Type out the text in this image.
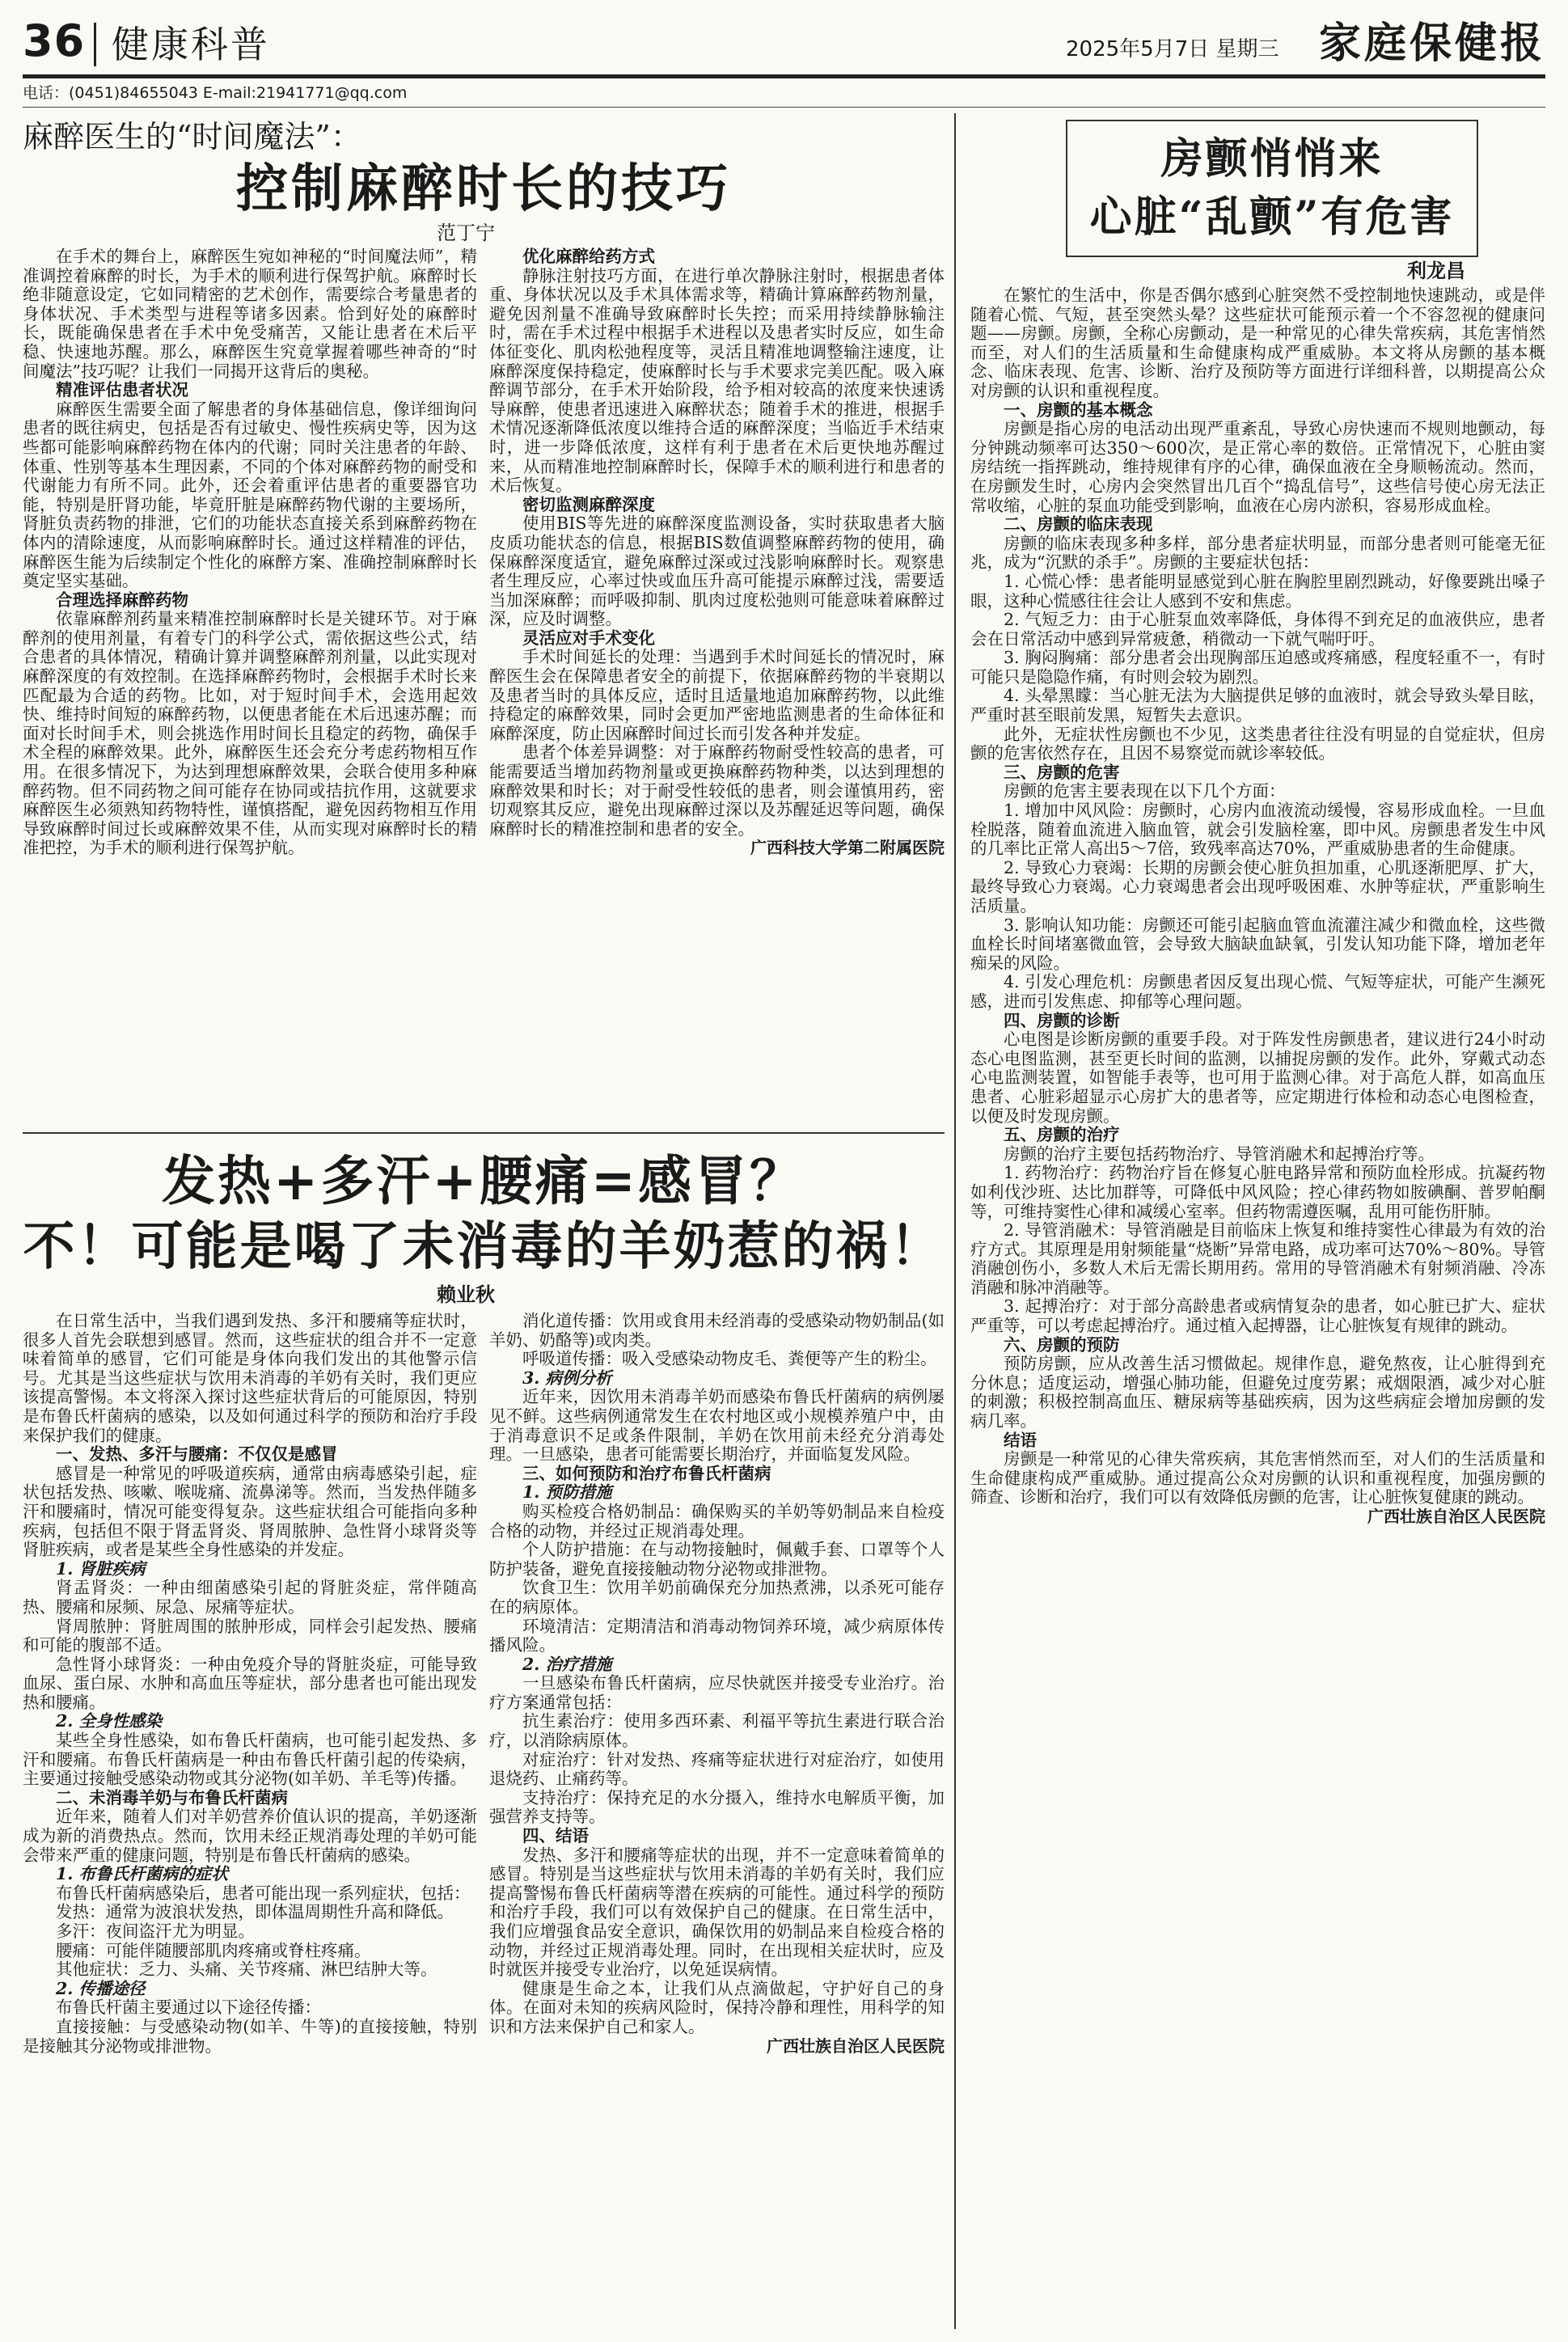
36 健康科普	2025年5月7日 星期三 家庭保健报
电话：(0451)84655043 E-mail:21941771@qq.com
麻醉医生的“时间魔法”：
控制麻醉时长的技巧
范丁宁

在手术的舞台上，麻醉医生宛如神秘的“时间魔法师”，精准调控着麻醉的时长，为手术的顺利进行保驾护航。麻醉时长绝非随意设定，它如同精密的艺术创作，需要综合考量患者的身体状况、手术类型与进程等诸多因素。恰到好处的麻醉时长，既能确保患者在手术中免受痛苦，又能让患者在术后平稳、快速地苏醒。那么，麻醉医生究竟掌握着哪些神奇的“时间魔法”技巧呢？让我们一同揭开这背后的奥秘。

精准评估患者状况

麻醉医生需要全面了解患者的身体基础信息，像详细询问患者的既往病史，包括是否有过敏史、慢性疾病史等，因为这些都可能影响麻醉药物在体内的代谢；同时关注患者的年龄、体重、性别等基本生理因素，不同的个体对麻醉药物的耐受和代谢能力有所不同。此外，还会着重评估患者的重要器官功能，特别是肝肾功能，毕竟肝脏是麻醉药物代谢的主要场所，肾脏负责药物的排泄，它们的功能状态直接关系到麻醉药物在体内的清除速度，从而影响麻醉时长。通过这样精准的评估，麻醉医生能为后续制定个性化的麻醉方案、准确控制麻醉时长奠定坚实基础。

合理选择麻醉药物

依靠麻醉剂药量来精准控制麻醉时长是关键环节。对于麻醉剂的使用剂量，有着专门的科学公式，需依据这些公式，结合患者的具体情况，精确计算并调整麻醉剂剂量，以此实现对麻醉深度的有效控制。在选择麻醉药物时，会根据手术时长来匹配最为合适的药物。比如，对于短时间手术，会选用起效快、维持时间短的麻醉药物，以便患者能在术后迅速苏醒；而面对长时间手术，则会挑选作用时间长且稳定的药物，确保手术全程的麻醉效果。此外，麻醉医生还会充分考虑药物相互作用。在很多情况下，为达到理想麻醉效果，会联合使用多种麻醉药物。但不同药物之间可能存在协同或拮抗作用，这就要求麻醉医生必须熟知药物特性，谨慎搭配，避免因药物相互作用导致麻醉时间过长或麻醉效果不佳，从而实现对麻醉时长的精准把控，为手术的顺利进行保驾护航。

优化麻醉给药方式

静脉注射技巧方面，在进行单次静脉注射时，根据患者体重、身体状况以及手术具体需求等，精确计算麻醉药物剂量，避免因剂量不准确导致麻醉时长失控；而采用持续静脉输注时，需在手术过程中根据手术进程以及患者实时反应，如生命体征变化、肌肉松弛程度等，灵活且精准地调整输注速度，让麻醉深度保持稳定，使麻醉时长与手术要求完美匹配。吸入麻醉调节部分，在手术开始阶段，给予相对较高的浓度来快速诱导麻醉，使患者迅速进入麻醉状态；随着手术的推进，根据手术情况逐渐降低浓度以维持合适的麻醉深度；当临近手术结束时，进一步降低浓度，这样有利于患者在术后更快地苏醒过来，从而精准地控制麻醉时长，保障手术的顺利进行和患者的术后恢复。

密切监测麻醉深度

使用BIS等先进的麻醉深度监测设备，实时获取患者大脑皮质功能状态的信息，根据BIS数值调整麻醉药物的使用，确保麻醉深度适宜，避免麻醉过深或过浅影响麻醉时长。观察患者生理反应，心率过快或血压升高可能提示麻醉过浅，需要适当加深麻醉；而呼吸抑制、肌肉过度松弛则可能意味着麻醉过深，应及时调整。

灵活应对手术变化

手术时间延长的处理：当遇到手术时间延长的情况时，麻醉医生会在保障患者安全的前提下，依据麻醉药物的半衰期以及患者当时的具体反应，适时且适量地追加麻醉药物，以此维持稳定的麻醉效果，同时会更加严密地监测患者的生命体征和麻醉深度，防止因麻醉时间过长而引发各种并发症。

患者个体差异调整：对于麻醉药物耐受性较高的患者，可能需要适当增加药物剂量或更换麻醉药物种类，以达到理想的麻醉效果和时长；对于耐受性较低的患者，则会谨慎用药，密切观察其反应，避免出现麻醉过深以及苏醒延迟等问题，确保麻醉时长的精准控制和患者的安全。

广西科技大学第二附属医院

发热+多汗+腰痛=感冒？
不！可能是喝了未消毒的羊奶惹的祸！
赖业秋

在日常生活中，当我们遇到发热、多汗和腰痛等症状时，很多人首先会联想到感冒。然而，这些症状的组合并不一定意味着简单的感冒，它们可能是身体向我们发出的其他警示信号。尤其是当这些症状与饮用未消毒的羊奶有关时，我们更应该提高警惕。本文将深入探讨这些症状背后的可能原因，特别是布鲁氏杆菌病的感染，以及如何通过科学的预防和治疗手段来保护我们的健康。

一、发热、多汗与腰痛：不仅仅是感冒

感冒是一种常见的呼吸道疾病，通常由病毒感染引起，症状包括发热、咳嗽、喉咙痛、流鼻涕等。然而，当发热伴随多汗和腰痛时，情况可能变得复杂。这些症状组合可能指向多种疾病，包括但不限于肾盂肾炎、肾周脓肿、急性肾小球肾炎等肾脏疾病，或者是某些全身性感染的并发症。

1. 肾脏疾病

肾盂肾炎：一种由细菌感染引起的肾脏炎症，常伴随高热、腰痛和尿频、尿急、尿痛等症状。

肾周脓肿：肾脏周围的脓肿形成，同样会引起发热、腰痛和可能的腹部不适。

急性肾小球肾炎：一种由免疫介导的肾脏炎症，可能导致血尿、蛋白尿、水肿和高血压等症状，部分患者也可能出现发热和腰痛。

2. 全身性感染

某些全身性感染，如布鲁氏杆菌病，也可能引起发热、多汗和腰痛。布鲁氏杆菌病是一种由布鲁氏杆菌引起的传染病，主要通过接触受感染动物或其分泌物(如羊奶、羊毛等)传播。

二、未消毒羊奶与布鲁氏杆菌病

近年来，随着人们对羊奶营养价值认识的提高，羊奶逐渐成为新的消费热点。然而，饮用未经正规消毒处理的羊奶可能会带来严重的健康问题，特别是布鲁氏杆菌病的感染。

1. 布鲁氏杆菌病的症状

布鲁氏杆菌病感染后，患者可能出现一系列症状，包括：

发热：通常为波浪状发热，即体温周期性升高和降低。

多汗：夜间盗汗尤为明显。

腰痛：可能伴随腰部肌肉疼痛或脊柱疼痛。

其他症状：乏力、头痛、关节疼痛、淋巴结肿大等。

2. 传播途径

布鲁氏杆菌主要通过以下途径传播：

直接接触：与受感染动物(如羊、牛等)的直接接触，特别是接触其分泌物或排泄物。

消化道传播：饮用或食用未经消毒的受感染动物奶制品(如羊奶、奶酪等)或肉类。

呼吸道传播：吸入受感染动物皮毛、粪便等产生的粉尘。

3. 病例分析

近年来，因饮用未消毒羊奶而感染布鲁氏杆菌病的病例屡见不鲜。这些病例通常发生在农村地区或小规模养殖户中，由于消毒意识不足或条件限制，羊奶在饮用前未经充分消毒处理。一旦感染，患者可能需要长期治疗，并面临复发风险。

三、如何预防和治疗布鲁氏杆菌病

1. 预防措施

购买检疫合格奶制品：确保购买的羊奶等奶制品来自检疫合格的动物，并经过正规消毒处理。

个人防护措施：在与动物接触时，佩戴手套、口罩等个人防护装备，避免直接接触动物分泌物或排泄物。

饮食卫生：饮用羊奶前确保充分加热煮沸，以杀死可能存在的病原体。

环境清洁：定期清洁和消毒动物饲养环境，减少病原体传播风险。

2. 治疗措施

一旦感染布鲁氏杆菌病，应尽快就医并接受专业治疗。治疗方案通常包括：

抗生素治疗：使用多西环素、利福平等抗生素进行联合治疗，以消除病原体。

对症治疗：针对发热、疼痛等症状进行对症治疗，如使用退烧药、止痛药等。

支持治疗：保持充足的水分摄入，维持水电解质平衡，加强营养支持等。

四、结语

发热、多汗和腰痛等症状的出现，并不一定意味着简单的感冒。特别是当这些症状与饮用未消毒的羊奶有关时，我们应提高警惕布鲁氏杆菌病等潜在疾病的可能性。通过科学的预防和治疗手段，我们可以有效保护自己的健康。在日常生活中，我们应增强食品安全意识，确保饮用的奶制品来自检疫合格的动物，并经过正规消毒处理。同时，在出现相关症状时，应及时就医并接受专业治疗，以免延误病情。

健康是生命之本，让我们从点滴做起，守护好自己的身体。在面对未知的疾病风险时，保持冷静和理性，用科学的知识和方法来保护自己和家人。

广西壮族自治区人民医院

房颤悄悄来
心脏“乱颤”有危害
利龙昌

在繁忙的生活中，你是否偶尔感到心脏突然不受控制地快速跳动，或是伴随着心慌、气短，甚至突然头晕？这些症状可能预示着一个不容忽视的健康问题——房颤。房颤，全称心房颤动，是一种常见的心律失常疾病，其危害悄然而至，对人们的生活质量和生命健康构成严重威胁。本文将从房颤的基本概念、临床表现、危害、诊断、治疗及预防等方面进行详细科普，以期提高公众对房颤的认识和重视程度。

一、房颤的基本概念

房颤是指心房的电活动出现严重紊乱，导致心房快速而不规则地颤动，每分钟跳动频率可达350～600次，是正常心率的数倍。正常情况下，心脏由窦房结统一指挥跳动，维持规律有序的心律，确保血液在全身顺畅流动。然而，在房颤发生时，心房内会突然冒出几百个“捣乱信号”，这些信号使心房无法正常收缩，心脏的泵血功能受到影响，血液在心房内淤积，容易形成血栓。

二、房颤的临床表现

房颤的临床表现多种多样，部分患者症状明显，而部分患者则可能毫无征兆，成为“沉默的杀手”。房颤的主要症状包括：

1. 心慌心悸：患者能明显感觉到心脏在胸腔里剧烈跳动，好像要跳出嗓子眼，这种心慌感往往会让人感到不安和焦虑。

2. 气短乏力：由于心脏泵血效率降低，身体得不到充足的血液供应，患者会在日常活动中感到异常疲惫，稍微动一下就气喘吁吁。

3. 胸闷胸痛：部分患者会出现胸部压迫感或疼痛感，程度轻重不一，有时可能只是隐隐作痛，有时则会较为剧烈。

4. 头晕黑矇：当心脏无法为大脑提供足够的血液时，就会导致头晕目眩，严重时甚至眼前发黑，短暂失去意识。

此外，无症状性房颤也不少见，这类患者往往没有明显的自觉症状，但房颤的危害依然存在，且因不易察觉而就诊率较低。

三、房颤的危害

房颤的危害主要表现在以下几个方面：

1. 增加中风风险：房颤时，心房内血液流动缓慢，容易形成血栓。一旦血栓脱落，随着血流进入脑血管，就会引发脑栓塞，即中风。房颤患者发生中风的几率比正常人高出5～7倍，致残率高达70%，严重威胁患者的生命健康。

2. 导致心力衰竭：长期的房颤会使心脏负担加重，心肌逐渐肥厚、扩大，最终导致心力衰竭。心力衰竭患者会出现呼吸困难、水肿等症状，严重影响生活质量。

3. 影响认知功能：房颤还可能引起脑血管血流灌注减少和微血栓，这些微血栓长时间堵塞微血管，会导致大脑缺血缺氧，引发认知功能下降，增加老年痴呆的风险。

4. 引发心理危机：房颤患者因反复出现心慌、气短等症状，可能产生濒死感，进而引发焦虑、抑郁等心理问题。

四、房颤的诊断

心电图是诊断房颤的重要手段。对于阵发性房颤患者，建议进行24小时动态心电图监测，甚至更长时间的监测，以捕捉房颤的发作。此外，穿戴式动态心电监测装置，如智能手表等，也可用于监测心律。对于高危人群，如高血压患者、心脏彩超显示心房扩大的患者等，应定期进行体检和动态心电图检查，以便及时发现房颤。

五、房颤的治疗

房颤的治疗主要包括药物治疗、导管消融术和起搏治疗等。

1. 药物治疗：药物治疗旨在修复心脏电路异常和预防血栓形成。抗凝药物如利伐沙班、达比加群等，可降低中风风险；控心律药物如胺碘酮、普罗帕酮等，可维持窦性心律和减缓心室率。但药物需遵医嘱，乱用可能伤肝肺。

2. 导管消融术：导管消融是目前临床上恢复和维持窦性心律最为有效的治疗方式。其原理是用射频能量“烧断”异常电路，成功率可达70%～80%。导管消融创伤小，多数人术后无需长期用药。常用的导管消融术有射频消融、冷冻消融和脉冲消融等。

3. 起搏治疗：对于部分高龄患者或病情复杂的患者，如心脏已扩大、症状严重等，可以考虑起搏治疗。通过植入起搏器，让心脏恢复有规律的跳动。

六、房颤的预防

预防房颤，应从改善生活习惯做起。规律作息，避免熬夜，让心脏得到充分休息；适度运动，增强心肺功能，但避免过度劳累；戒烟限酒，减少对心脏的刺激；积极控制高血压、糖尿病等基础疾病，因为这些病症会增加房颤的发病几率。

结语

房颤是一种常见的心律失常疾病，其危害悄然而至，对人们的生活质量和生命健康构成严重威胁。通过提高公众对房颤的认识和重视程度，加强房颤的筛查、诊断和治疗，我们可以有效降低房颤的危害，让心脏恢复健康的跳动。

广西壮族自治区人民医院
